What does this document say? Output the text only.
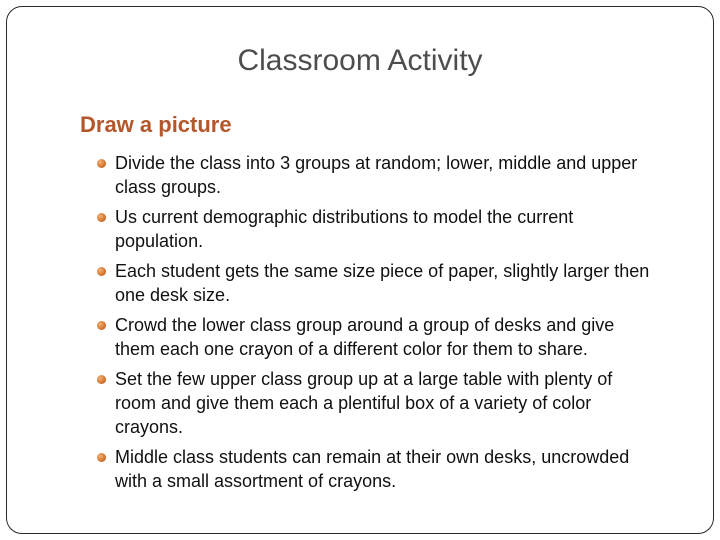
Classroom Activity
Draw a picture
Divide the class into 3 groups at random; lower, middle and upper class groups.
Us current demographic distributions to model the current population.
Each student gets the same size piece of paper, slightly larger then one desk size.
Crowd the lower class group around a group of desks and give them each one crayon of a different color for them to share.
Set the few upper class group up at a large table with plenty of room and give them each a plentiful box of a variety of color crayons.
Middle class students can remain at their own desks, uncrowded with a small assortment of crayons.
